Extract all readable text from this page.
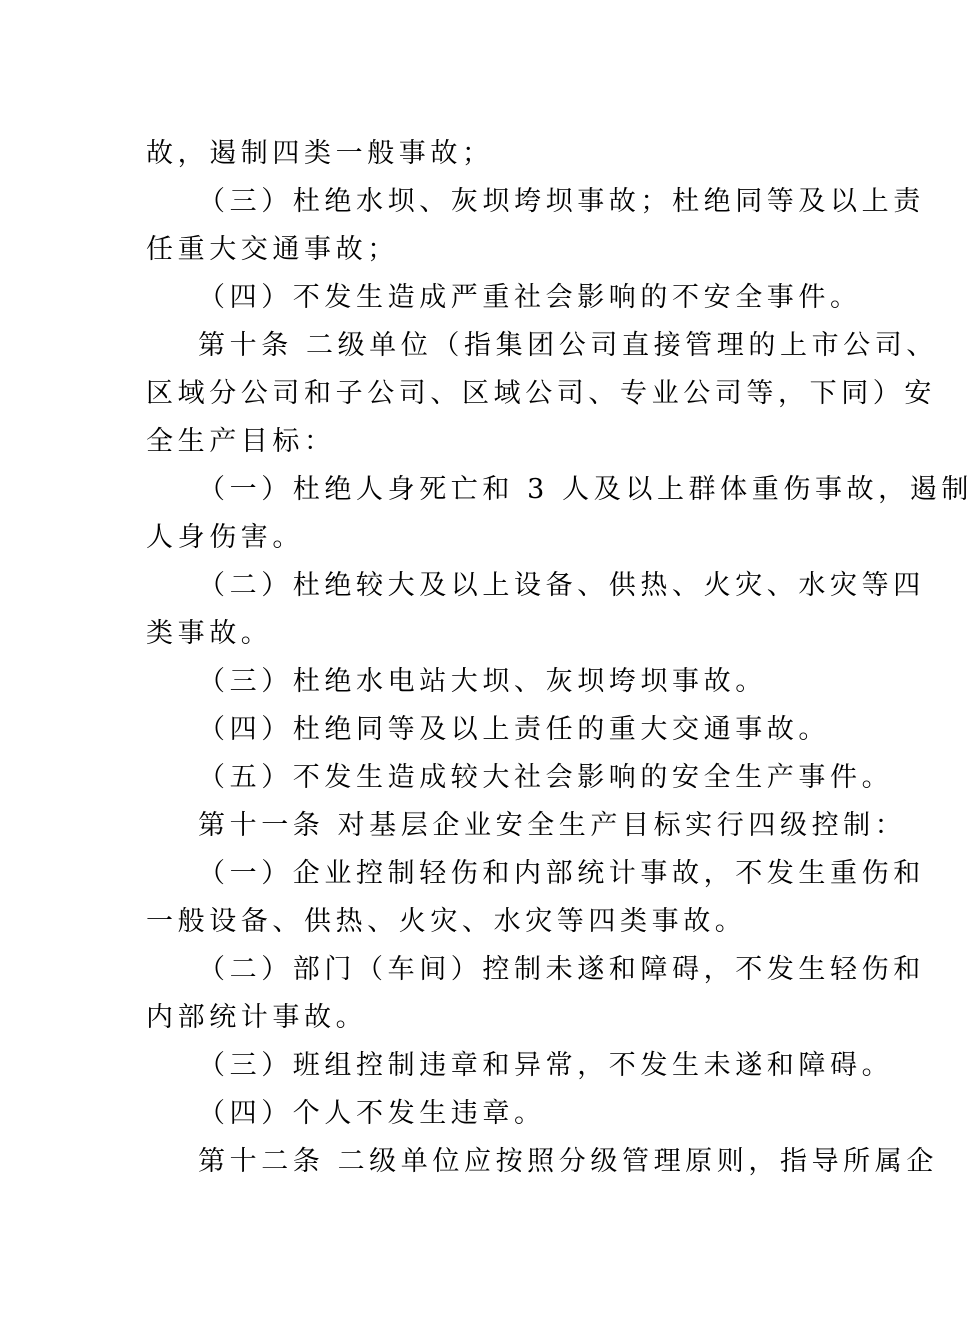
故，遏制四类一般事故；
（三）杜绝水坝、灰坝垮坝事故；杜绝同等及以上责
任重大交通事故；
（四）不发生造成严重社会影响的不安全事件。
第十条 二级单位（指集团公司直接管理的上市公司、
区域分公司和子公司、区域公司、专业公司等，下同）安
全生产目标：
（一）杜绝人身死亡和 3 人及以上群体重伤事故，遏制
人身伤害。
（二）杜绝较大及以上设备、供热、火灾、水灾等四
类事故。
（三）杜绝水电站大坝、灰坝垮坝事故。
（四）杜绝同等及以上责任的重大交通事故。
（五）不发生造成较大社会影响的安全生产事件。
第十一条 对基层企业安全生产目标实行四级控制：
（一）企业控制轻伤和内部统计事故，不发生重伤和
一般设备、供热、火灾、水灾等四类事故。
（二）部门（车间）控制未遂和障碍，不发生轻伤和
内部统计事故。
（三）班组控制违章和异常，不发生未遂和障碍。
（四）个人不发生违章。
第十二条 二级单位应按照分级管理原则，指导所属企
